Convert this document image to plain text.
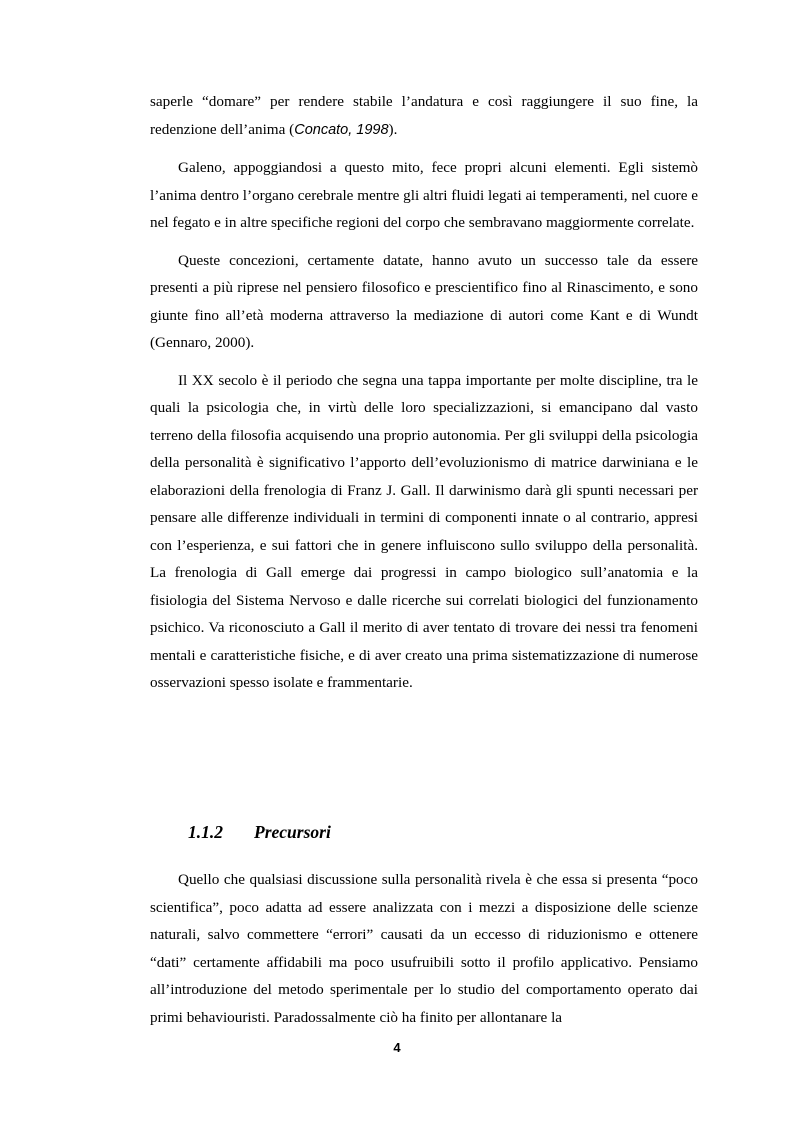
saperle “domare” per rendere stabile l’andatura e così raggiungere il suo fine, la redenzione dell’anima (Concato, 1998).

Galeno, appoggiandosi a questo mito, fece propri alcuni elementi. Egli sistemò l’anima dentro l’organo cerebrale mentre gli altri fluidi legati ai temperamenti, nel cuore e nel fegato e in altre specifiche regioni del corpo che sembravano maggiormente correlate.

Queste concezioni, certamente datate, hanno avuto un successo tale da essere presenti a più riprese nel pensiero filosofico e prescientifico fino al Rinascimento, e sono giunte fino all’età moderna attraverso la mediazione di autori come Kant e di Wundt (Gennaro, 2000).

Il XX secolo è il periodo che segna una tappa importante per molte discipline, tra le quali la psicologia che, in virtù delle loro specializzazioni, si emancipano dal vasto terreno della filosofia acquisendo una proprio autonomia. Per gli sviluppi della psicologia della personalità è significativo l’apporto dell’evoluzionismo di matrice darwiniana e le elaborazioni della frenologia di Franz J. Gall. Il darwinismo darà gli spunti necessari per pensare alle differenze individuali in termini di componenti innate o al contrario, appresi con l’esperienza, e sui fattori che in genere influiscono sullo sviluppo della personalità. La frenologia di Gall emerge dai progressi in campo biologico sull’anatomia e la fisiologia del Sistema Nervoso e dalle ricerche sui correlati biologici del funzionamento psichico. Va riconosciuto a Gall il merito di aver tentato di trovare dei nessi tra fenomeni mentali e caratteristiche fisiche, e di aver creato una prima sistematizzazione di numerose osservazioni spesso isolate e frammentarie.

1.1.2	Precursori

Quello che qualsiasi discussione sulla personalità rivela è che essa si presenta “poco scientifica”, poco adatta ad essere analizzata con i mezzi a disposizione delle scienze naturali, salvo commettere “errori” causati da un eccesso di riduzionismo e ottenere “dati” certamente affidabili ma poco usufruibili sotto il profilo applicativo. Pensiamo all’introduzione del metodo sperimentale per lo studio del comportamento operato dai primi behaviouristi. Paradossalmente ciò ha finito per allontanare la

4
